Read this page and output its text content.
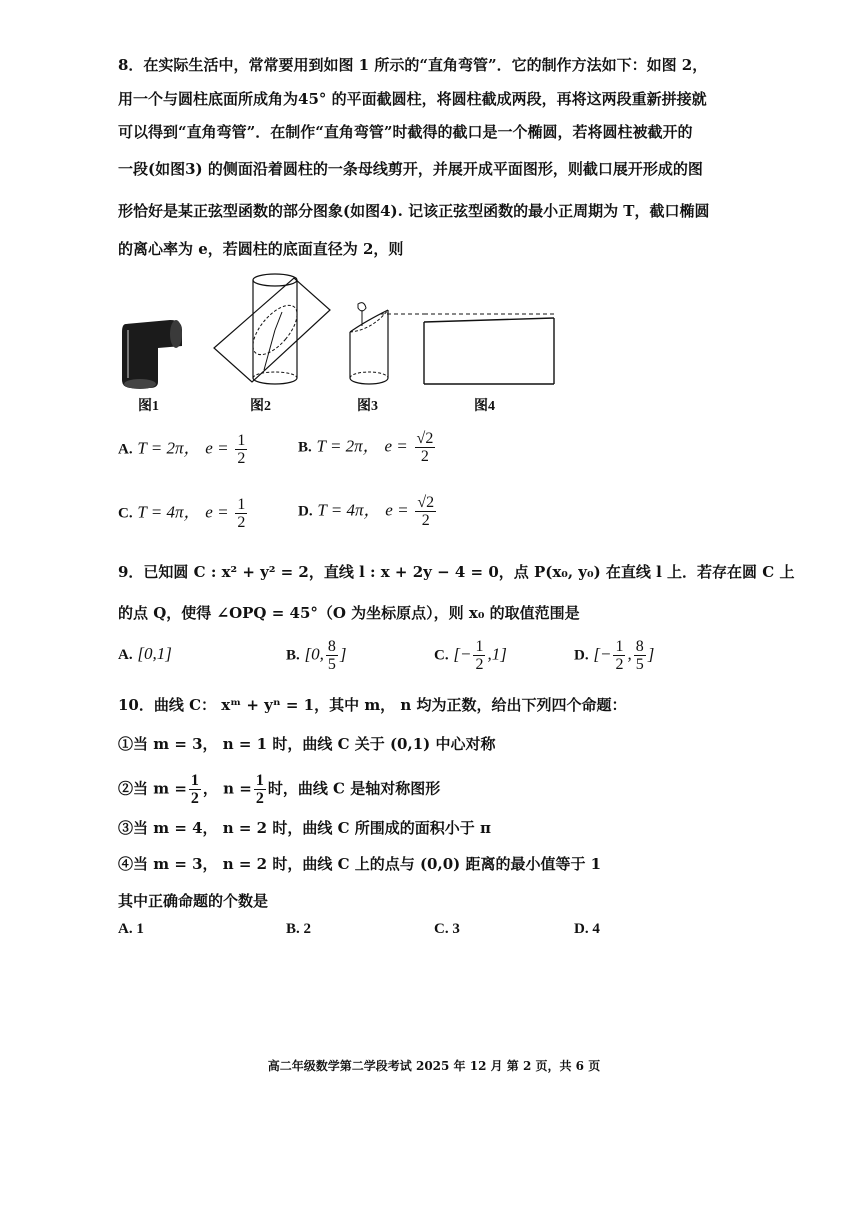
8．在实际生活中，常常要用到如图 1 所示的“直角弯管”．它的制作方法如下：如图 2，
用一个与圆柱底面所成角为45° 的平面截圆柱，将圆柱截成两段，再将这两段重新拼接就
可以得到“直角弯管”．在制作“直角弯管”时截得的截口是一个椭圆，若将圆柱被截开的
一段(如图3) 的侧面沿着圆柱的一条母线剪开，并展开成平面图形，则截口展开形成的图
形恰好是某正弦型函数的部分图象(如图4). 记该正弦型函数的最小正周期为 T，截口椭圆
的离心率为 e，若圆柱的底面直径为 2，则
图1	图2	图3	图4
A. T = 2π， $e = \frac{1}{2}$	B. T = 2π， $e = \frac{√2}{2}$
C. T = 4π， $e = \frac{1}{2}$	D. T = 4π， $e = \frac{√2}{2}$
9．已知圆 C : x² + y² = 2，直线 l : x + 2y − 4 = 0，点 P(x₀, y₀) 在直线 l 上．若存在圆 C 上
的点 Q，使得 ∠OPQ = 45°（O 为坐标原点），则 x₀ 的取值范围是
A. [0,1]	B. [0, $\frac{8}{5}$ ]	C. [− $\frac{1}{2} ,1$]	D. [− $\frac{1}{2}$ , $\frac{8}{5}$ ]
10．曲线 C： xᵐ + yⁿ = 1，其中 m， n 均为正数，给出下列四个命题：
①当 m = 3， n = 1 时，曲线 C 关于 (0,1) 中心对称
②当 $m = \frac{1}{2}$ ， $n = \frac{1}{2}$ 时，曲线 C 是轴对称图形
③当 m = 4， n = 2 时，曲线 C 所围成的面积小于 π
④当 m = 3， n = 2 时，曲线 C 上的点与 (0,0) 距离的最小值等于 1
其中正确命题的个数是
A. 1	B. 2	C. 3	D. 4
高二年级数学第二学段考试 2025 年 12 月 第 2 页，共 6 页
